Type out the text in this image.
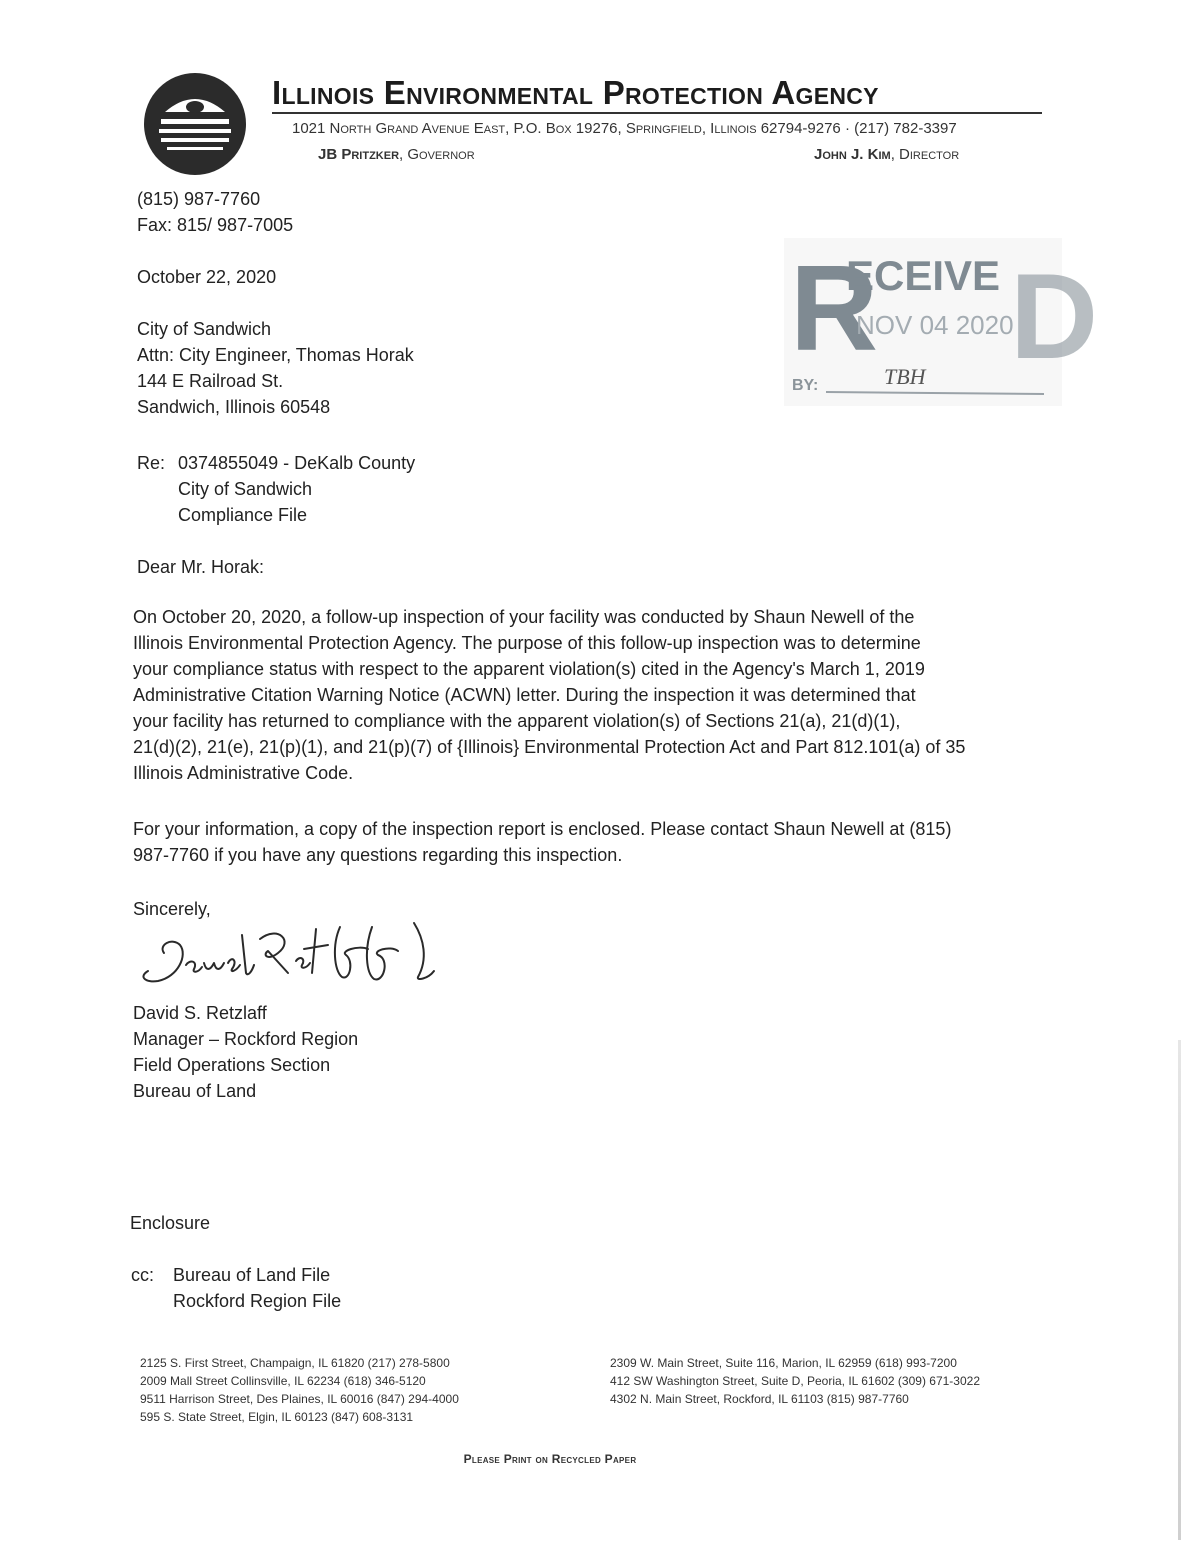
Illinois Environmental Protection Agency
1021 North Grand Avenue East, P.O. Box 19276, Springfield, Illinois 62794-9276 · (217) 782-3397
JB Pritzker, Governor	John J. Kim, Director
(815) 987-7760
Fax: 815/ 987-7005
October 22, 2020
City of Sandwich
Attn: City Engineer, Thomas Horak
144 E Railroad St.
Sandwich, Illinois 60548
Re: 0374855049 - DeKalb County
City of Sandwich
Compliance File
R
ECEIVE D
NOV 04 2020
BY:	TBH
Dear Mr. Horak:
On October 20, 2020, a follow-up inspection of your facility was conducted by Shaun Newell of the
Illinois Environmental Protection Agency. The purpose of this follow-up inspection was to determine
your compliance status with respect to the apparent violation(s) cited in the Agency's March 1, 2019
Administrative Citation Warning Notice (ACWN) letter. During the inspection it was determined that
your facility has returned to compliance with the apparent violation(s) of Sections 21(a), 21(d)(1),
21(d)(2), 21(e), 21(p)(1), and 21(p)(7) of {Illinois} Environmental Protection Act and Part 812.101(a) of 35
Illinois Administrative Code.
For your information, a copy of the inspection report is enclosed. Please contact Shaun Newell at (815)
987-7760 if you have any questions regarding this inspection.
Sincerely,
David S. Retzlaff
Manager – Rockford Region
Field Operations Section
Bureau of Land
Enclosure
cc: Bureau of Land File
Rockford Region File
2125 S. First Street, Champaign, IL 61820 (217) 278-5800
2009 Mall Street Collinsville, IL 62234 (618) 346-5120
9511 Harrison Street, Des Plaines, IL 60016 (847) 294-4000
595 S. State Street, Elgin, IL 60123 (847) 608-3131
2309 W. Main Street, Suite 116, Marion, IL 62959 (618) 993-7200
412 SW Washington Street, Suite D, Peoria, IL 61602 (309) 671-3022
4302 N. Main Street, Rockford, IL 61103 (815) 987-7760
Please Print on Recycled Paper
